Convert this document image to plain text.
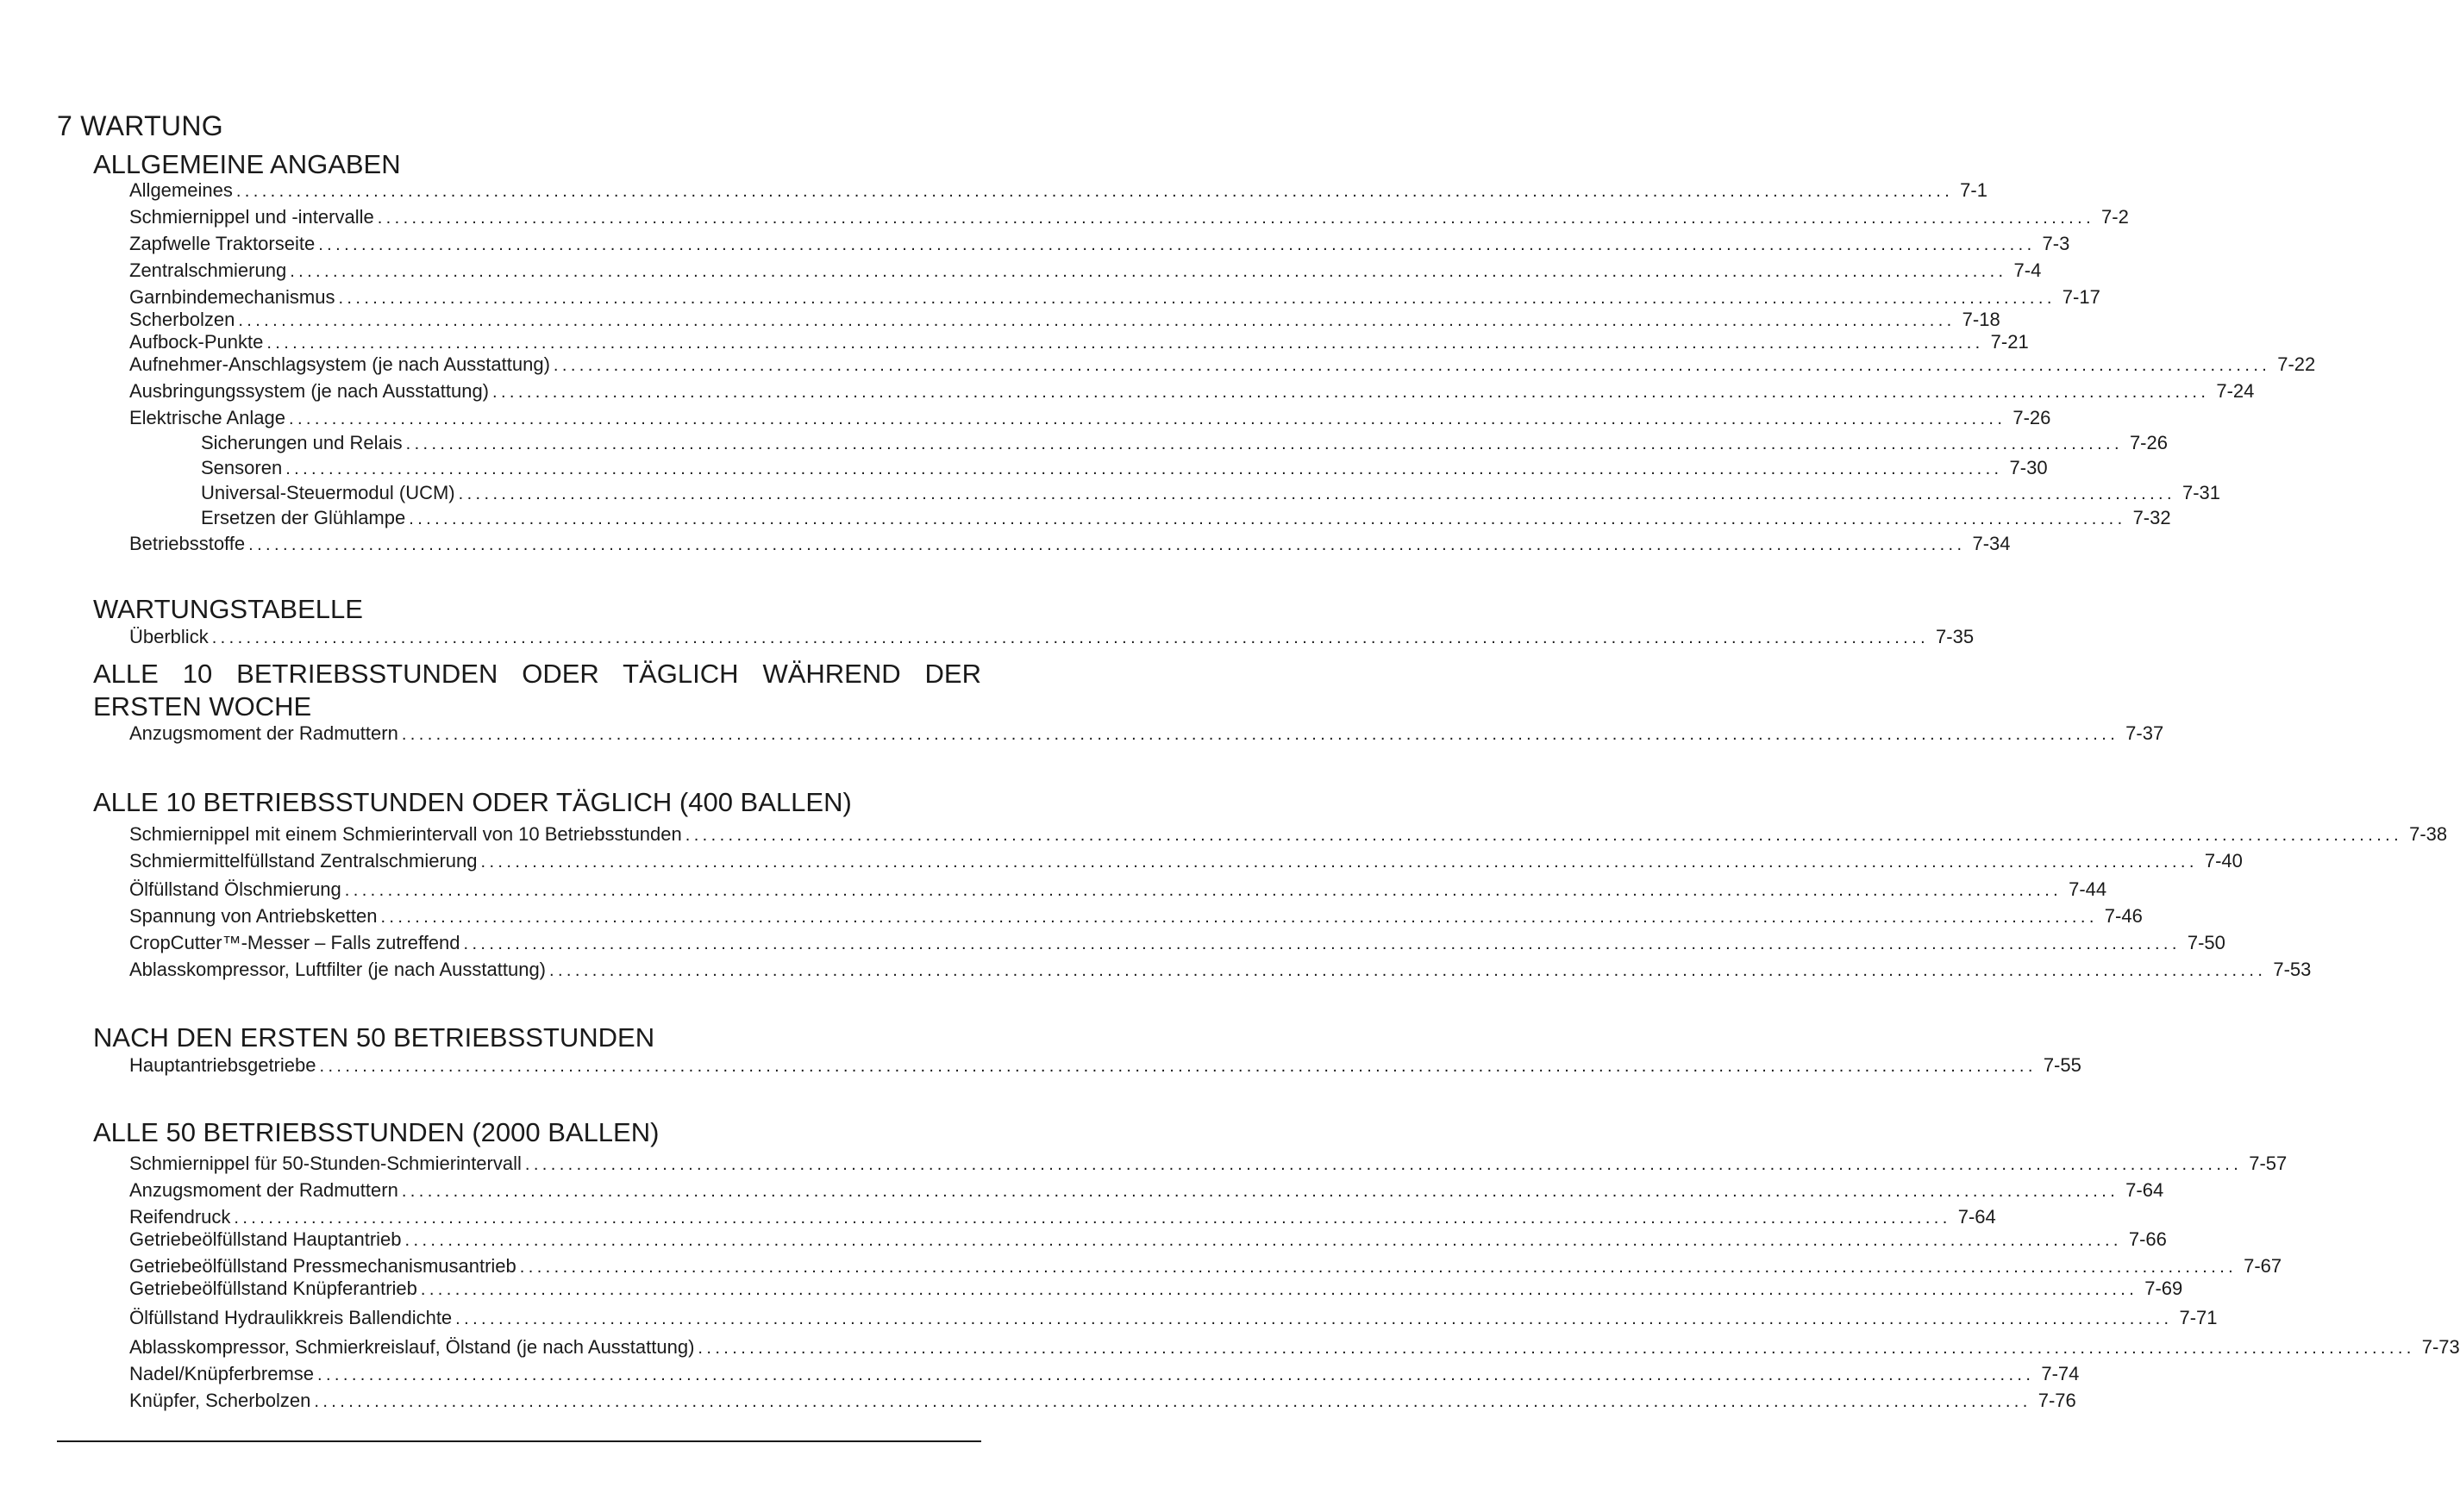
7 WARTUNG
ALLGEMEINE ANGABEN
Allgemeines ........................................................................................................................................................................................................ 7-1
Schmiernippel und -intervalle ........................................................................................................................................................................................................ 7-2
Zapfwelle Traktorseite ........................................................................................................................................................................................................ 7-3
Zentralschmierung ........................................................................................................................................................................................................ 7-4
Garnbindemechanismus ........................................................................................................................................................................................................ 7-17
Scherbolzen ........................................................................................................................................................................................................ 7-18
Aufbock-Punkte ........................................................................................................................................................................................................ 7-21
Aufnehmer-Anschlagsystem (je nach Ausstattung) ........................................................................................................................................................................................................ 7-22
Ausbringungssystem (je nach Ausstattung) ........................................................................................................................................................................................................ 7-24
Elektrische Anlage ........................................................................................................................................................................................................ 7-26
Sicherungen und Relais ........................................................................................................................................................................................................ 7-26
Sensoren ........................................................................................................................................................................................................ 7-30
Universal-Steuermodul (UCM) ........................................................................................................................................................................................................ 7-31
Ersetzen der Glühlampe ........................................................................................................................................................................................................ 7-32
Betriebsstoffe ........................................................................................................................................................................................................ 7-34
WARTUNGSTABELLE
Überblick ........................................................................................................................................................................................................ 7-35
ALLE 10 BETRIEBSSTUNDEN ODER TÄGLICH WÄHREND DER ERSTEN WOCHE
Anzugsmoment der Radmuttern ........................................................................................................................................................................................................ 7-37
ALLE 10 BETRIEBSSTUNDEN ODER TÄGLICH (400 BALLEN)
Schmiernippel mit einem Schmierintervall von 10 Betriebsstunden ........................................................................................................................................................................................................ 7-38
Schmiermittelfüllstand Zentralschmierung ........................................................................................................................................................................................................ 7-40
Ölfüllstand Ölschmierung ........................................................................................................................................................................................................ 7-44
Spannung von Antriebsketten ........................................................................................................................................................................................................ 7-46
CropCutter™-Messer – Falls zutreffend ........................................................................................................................................................................................................ 7-50
Ablasskompressor, Luftfilter (je nach Ausstattung) ........................................................................................................................................................................................................ 7-53
NACH DEN ERSTEN 50 BETRIEBSSTUNDEN
Hauptantriebsgetriebe ........................................................................................................................................................................................................ 7-55
ALLE 50 BETRIEBSSTUNDEN (2000 BALLEN)
Schmiernippel für 50-Stunden-Schmierintervall ........................................................................................................................................................................................................ 7-57
Anzugsmoment der Radmuttern ........................................................................................................................................................................................................ 7-64
Reifendruck ........................................................................................................................................................................................................ 7-64
Getriebeölfüllstand Hauptantrieb ........................................................................................................................................................................................................ 7-66
Getriebeölfüllstand Pressmechanismusantrieb ........................................................................................................................................................................................................ 7-67
Getriebeölfüllstand Knüpferantrieb ........................................................................................................................................................................................................ 7-69
Ölfüllstand Hydraulikkreis Ballendichte ........................................................................................................................................................................................................ 7-71
Ablasskompressor, Schmierkreislauf, Ölstand (je nach Ausstattung) ........................................................................................................................................................................................................ 7-73
Nadel/Knüpferbremse ........................................................................................................................................................................................................ 7-74
Knüpfer, Scherbolzen ........................................................................................................................................................................................................ 7-76
